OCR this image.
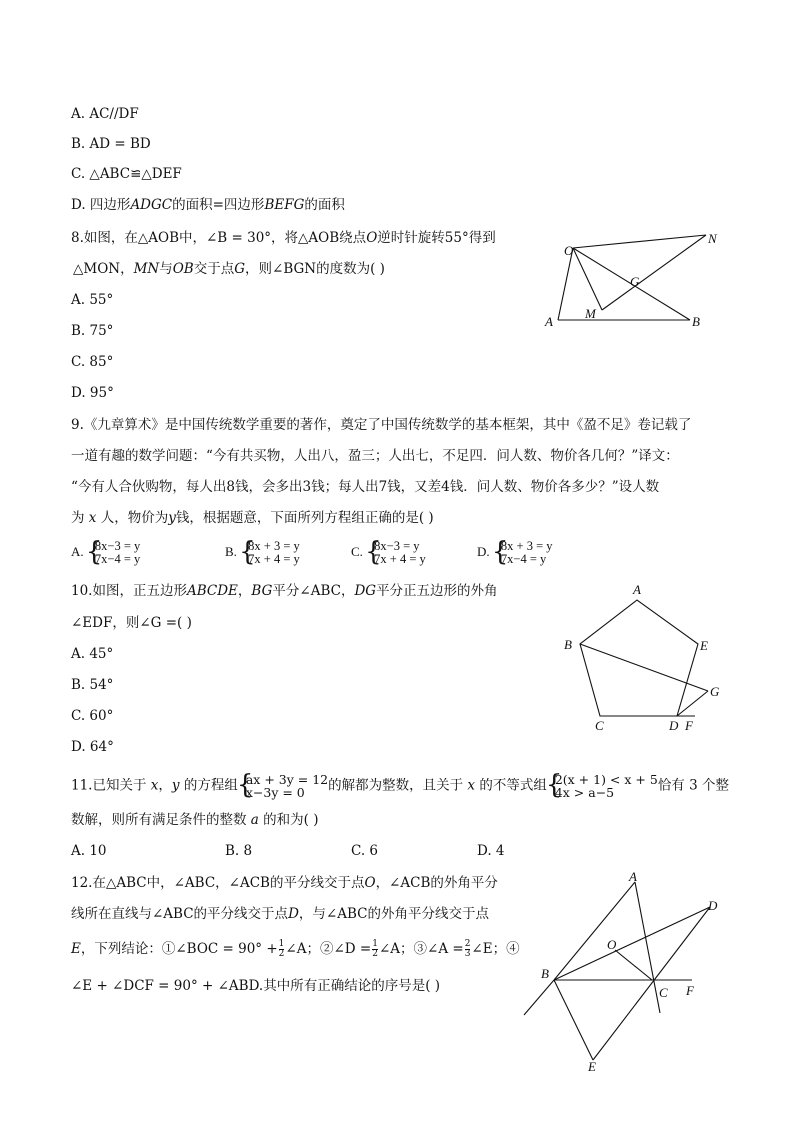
A. AC//DF
B. AD = BD
C. △ABC≌△DEF
D. 四边形ADGC的面积=四边形BEFG的面积
8.如图，在△AOB中，∠B = 30°，将△AOB绕点O逆时针旋转55°得到
△MON，MN与OB交于点G，则∠BGN的度数为( )
A. 55°
B. 75°
C. 85°
D. 95°
O
N
G
M
A	B
9.《九章算术》是中国传统数学重要的著作，奠定了中国传统数学的基本框架，其中《盈不足》卷记载了
一道有趣的数学问题：“今有共买物，人出八，盈三；人出七，不足四．问人数、物价各几何？”译文：
“今有人合伙购物，每人出8钱，会多出3钱；每人出7钱，又差4钱．问人数、物价各多少？”设人数
为 x 人，物价为y钱，根据题意，下面所列方程组正确的是( )
A. { 8x−3 = y
7x−4 = y
B. { 8x + 3 = y
7x + 4 = y
C. { 8x−3 = y
7x + 4 = y
D. { 8x + 3 = y
7x−4 = y
10.如图，正五边形ABCDE，BG平分∠ABC，DG平分正五边形的外角
∠EDF，则∠G =( )
A. 45°
B. 54°
C. 60°
D. 64°
A
B	E
G
C	D F
11.已知关于 x，y 的方程组 { ax + 3y = 12
x−3y = 0	的解都为整数，且关于 x 的不等式组 { 2(x + 1) < x + 5
4x > a−5	恰有 3 个整
数解，则所有满足条件的整数 a 的和为( )
A. 10	B. 8	C. 6	D. 4
12.在△ABC中，∠ABC，∠ACB的平分线交于点O，∠ACB的外角平分
线所在直线与∠ABC的平分线交于点D，与∠ABC的外角平分线交于点
E，下列结论：①∠BOC = $90^\circ + \frac{1}{2}$ ∠A；②∠D = $\frac{1}{2}$ ∠A；③∠A = $\frac{2}{3}$ ∠E；④
∠E + ∠DCF = 90° + ∠ABD.其中所有正确结论的序号是( )
A
D
O
B
C F
E
